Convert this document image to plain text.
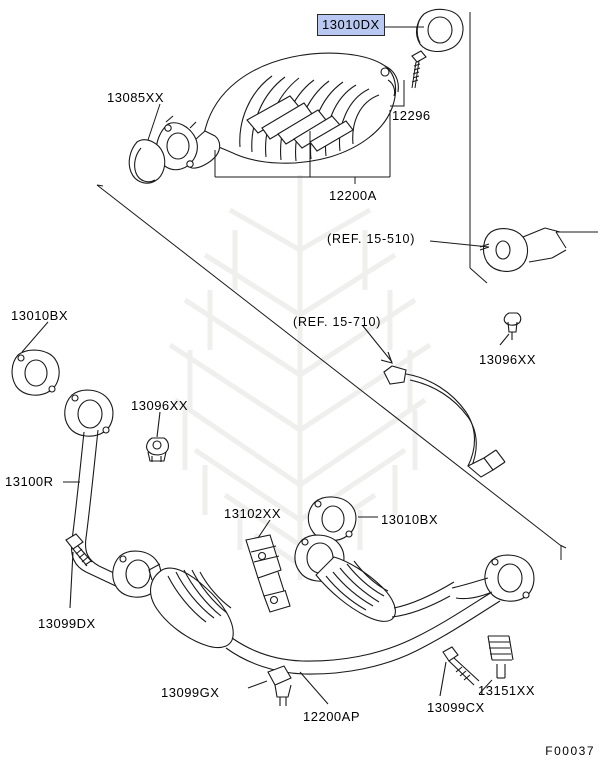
13010DX
13085XX
12296
12200A
(REF. 15-510)
13096XX
(REF. 15-710)
13010BX
13096XX
13100R
13102XX	13010BX
13099DX
13099GX
12200AP
13099CX
13151XX
F00037
